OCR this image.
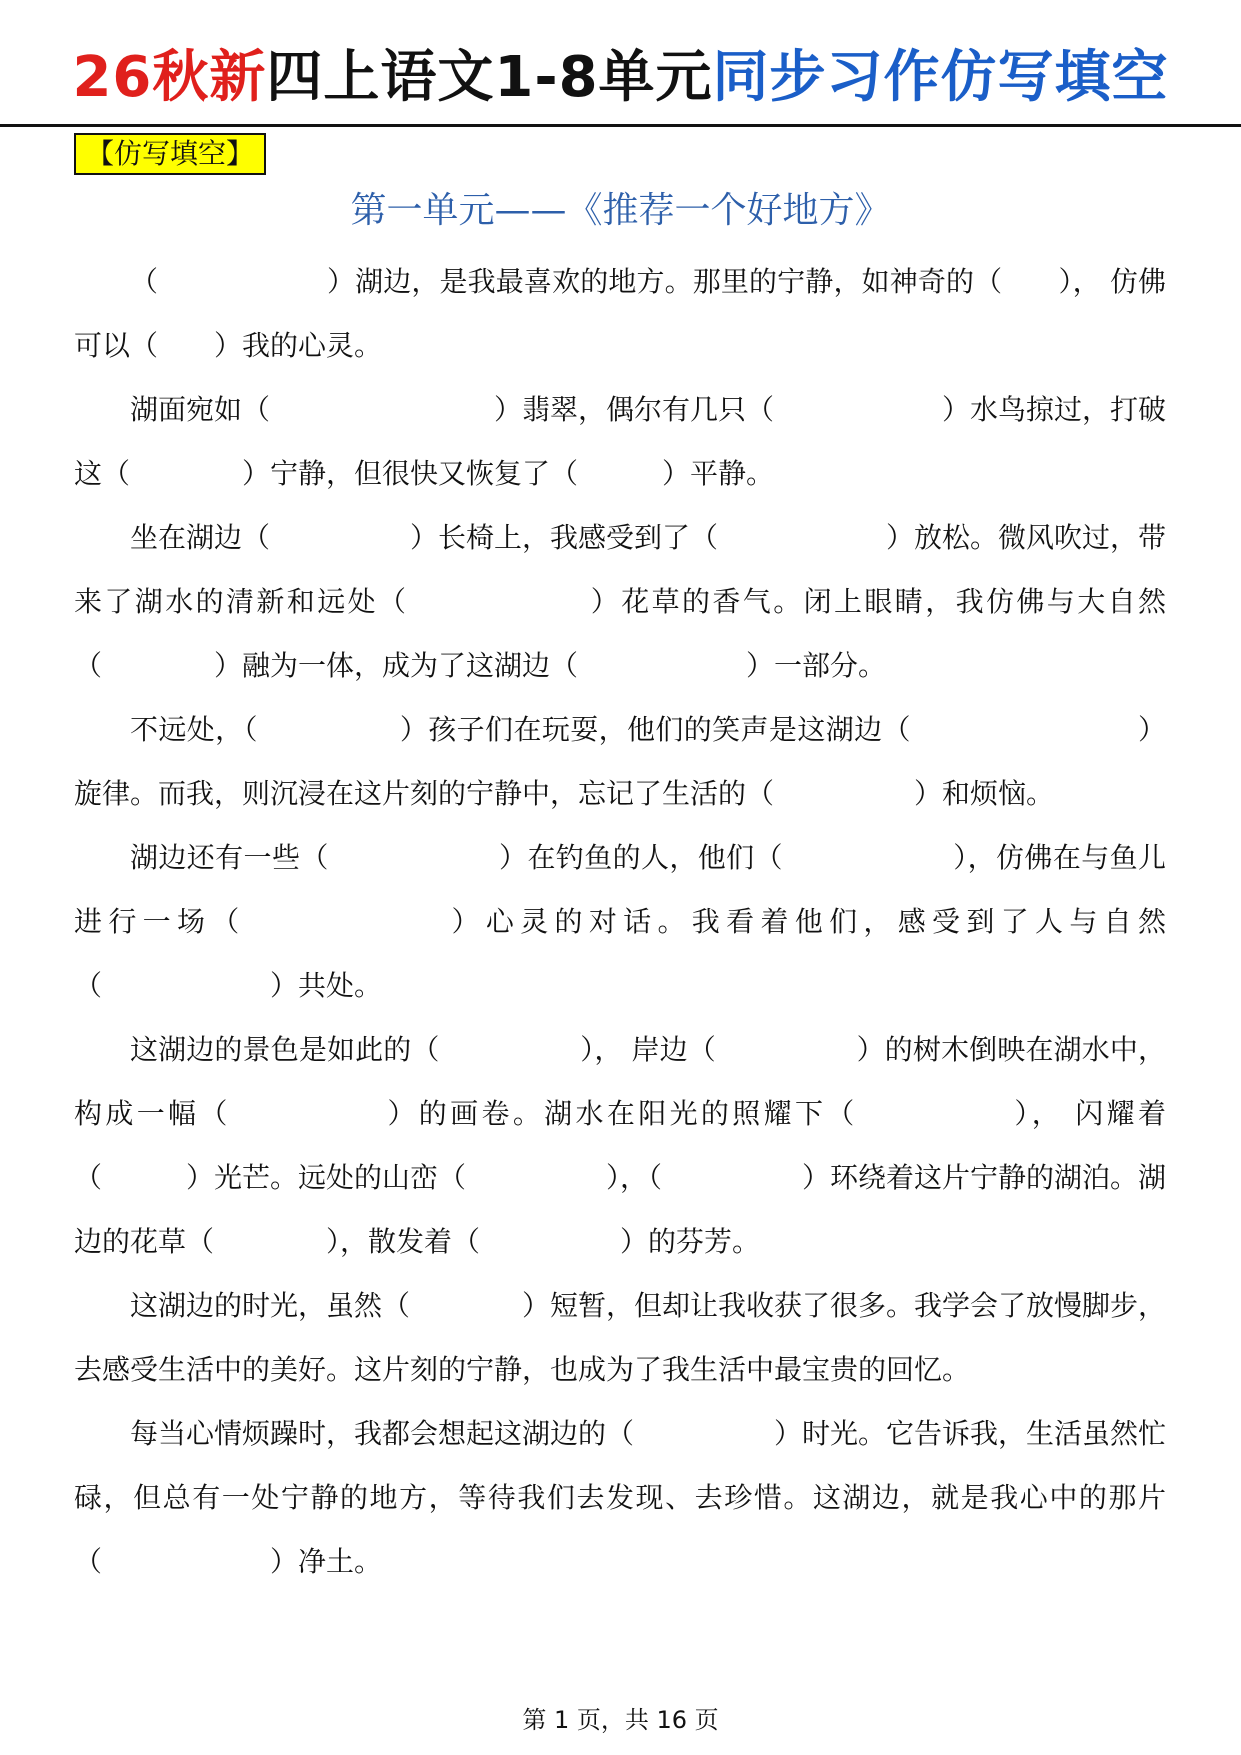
26秋新四上语文1-8单元同步习作仿写填空
【仿写填空】
第一单元——《推荐一个好地方》

（　　　　　　）湖边，是我最喜欢的地方。那里的宁静，如神奇的（　　）， 仿佛可以（　　）我的心灵。

湖面宛如（　　　　　　　　）翡翠，偶尔有几只（　　　　　　）水鸟掠过，打破这（　　　　）宁静，但很快又恢复了（　　　）平静。

坐在湖边（　　　　　）长椅上，我感受到了（　　　　　　）放松。微风吹过，带来了湖水的清新和远处（　　　　　　）花草的香气。闭上眼睛，我仿佛与大自然（　　　　）融为一体，成为了这湖边（　　　　　　）一部分。

不远处，（　　　　　）孩子们在玩耍，他们的笑声是这湖边（　　　　　　　　）旋律。而我，则沉浸在这片刻的宁静中，忘记了生活的（　　　　　）和烦恼。

湖边还有一些（　　　　　　）在钓鱼的人，他们（　　　　　　），仿佛在与鱼儿进行一场（　　　　　　）心灵的对话。我看着他们，感受到了人与自然（　　　　　　）共处。

这湖边的景色是如此的（　　　　　）， 岸边（　　　　　）的树木倒映在湖水中，构成一幅（　　　　　）的画卷。湖水在阳光的照耀下（　　　　　）， 闪耀着（　　　）光芒。远处的山峦（　　　　　），（　　　　　）环绕着这片宁静的湖泊。湖边的花草（　　　　），散发着（　　　　　）的芬芳。

这湖边的时光，虽然（　　　　）短暂，但却让我收获了很多。我学会了放慢脚步，去感受生活中的美好。这片刻的宁静，也成为了我生活中最宝贵的回忆。

每当心情烦躁时，我都会想起这湖边的（　　　　　）时光。它告诉我，生活虽然忙碌，但总有一处宁静的地方，等待我们去发现、去珍惜。这湖边，就是我心中的那片（　　　　　　）净土。

第 1 页，共 16 页
